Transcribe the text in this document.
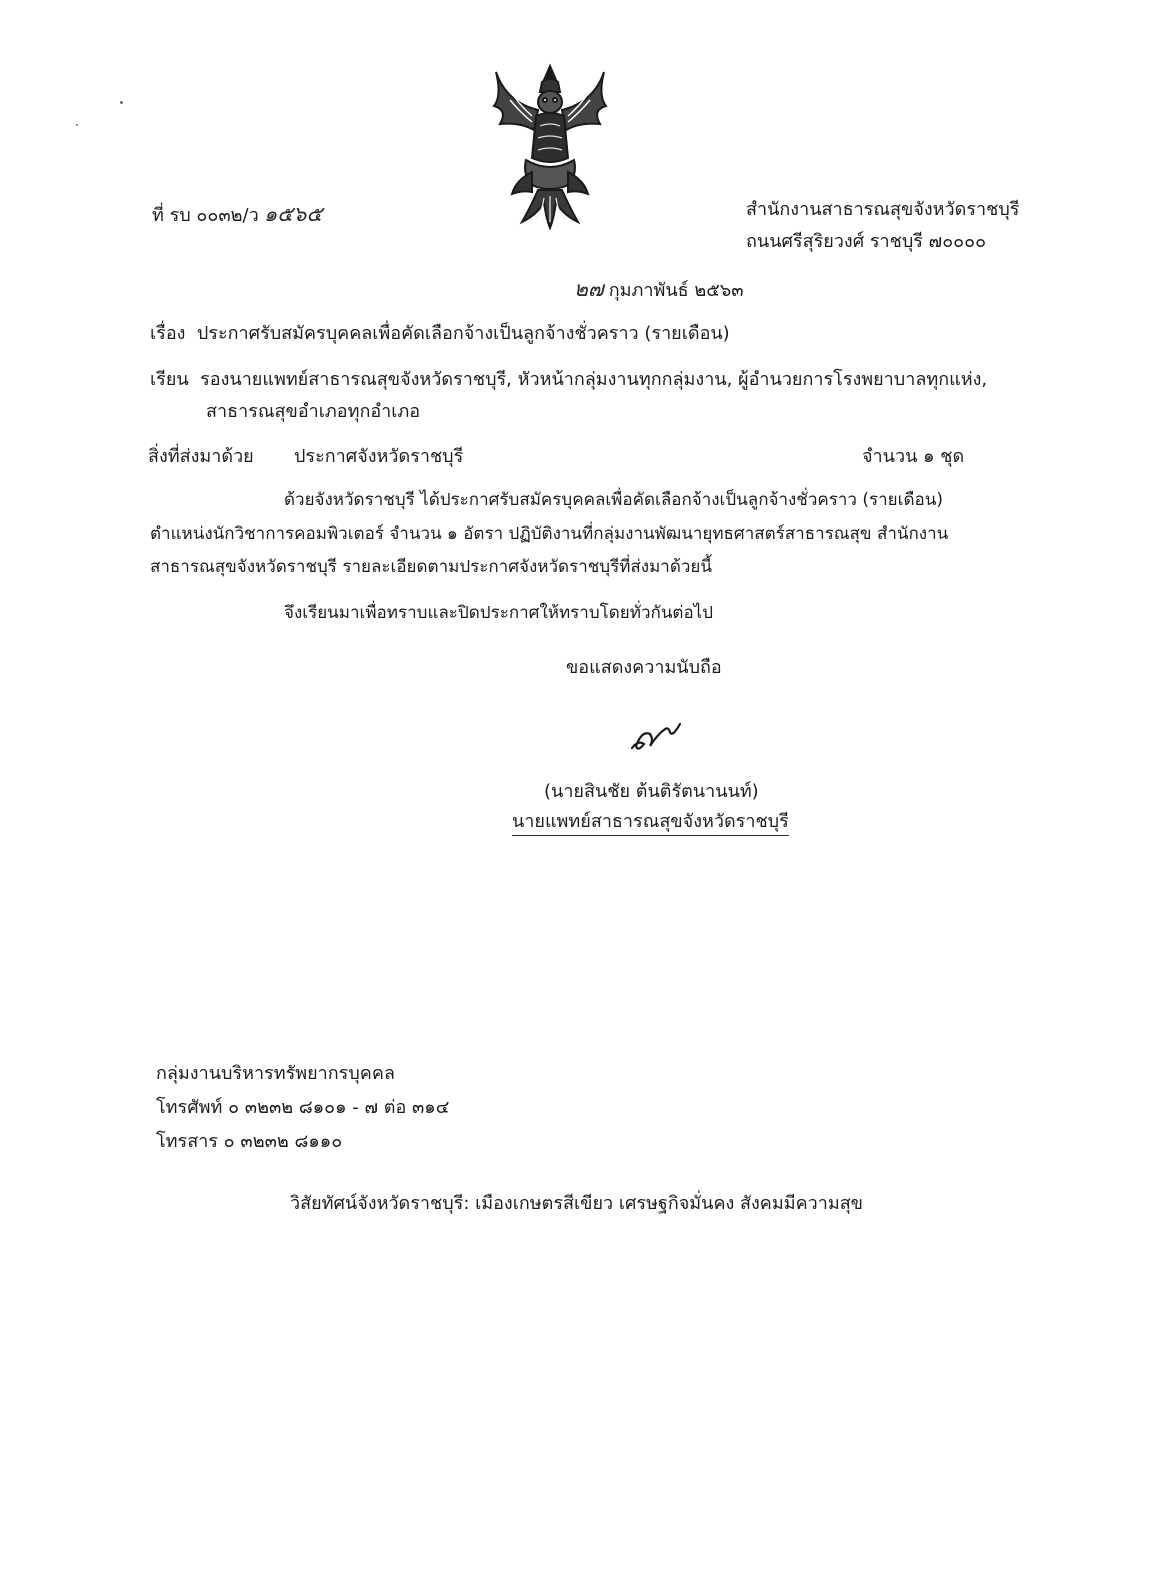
ที่ รบ ๐๐๓๒/ว ๑๕๖๕	สำนักงานสาธารณสุขจังหวัดราชบุรี
ถนนศรีสุริยวงศ์ ราชบุรี ๗๐๐๐๐
๒๗ กุมภาพันธ์ ๒๕๖๓
เรื่อง ประกาศรับสมัครบุคคลเพื่อคัดเลือกจ้างเป็นลูกจ้างชั่วคราว (รายเดือน)
เรียน รองนายแพทย์สาธารณสุขจังหวัดราชบุรี, หัวหน้ากลุ่มงานทุกกลุ่มงาน, ผู้อำนวยการโรงพยาบาลทุกแห่ง,
สาธารณสุขอำเภอทุกอำเภอ
สิ่งที่ส่งมาด้วย ประกาศจังหวัดราชบุรี	จำนวน ๑ ชุด
ด้วยจังหวัดราชบุรี ได้ประกาศรับสมัครบุคคลเพื่อคัดเลือกจ้างเป็นลูกจ้างชั่วคราว (รายเดือน)
ตำแหน่งนักวิชาการคอมพิวเตอร์ จำนวน ๑ อัตรา ปฏิบัติงานที่กลุ่มงานพัฒนายุทธศาสตร์สาธารณสุข สำนักงาน
สาธารณสุขจังหวัดราชบุรี รายละเอียดตามประกาศจังหวัดราชบุรีที่ส่งมาด้วยนี้
จึงเรียนมาเพื่อทราบและปิดประกาศให้ทราบโดยทั่วกันต่อไป
ขอแสดงความนับถือ
(นายสินชัย ต้นติรัตนานนท์)
นายแพทย์สาธารณสุขจังหวัดราชบุรี
กลุ่มงานบริหารทรัพยากรบุคคล
โทรศัพท์ ๐ ๓๒๓๒ ๘๑๐๑ - ๗ ต่อ ๓๑๔
โทรสาร ๐ ๓๒๓๒ ๘๑๑๐
วิสัยทัศน์จังหวัดราชบุรี: เมืองเกษตรสีเขียว เศรษฐกิจมั่นคง สังคมมีความสุข
